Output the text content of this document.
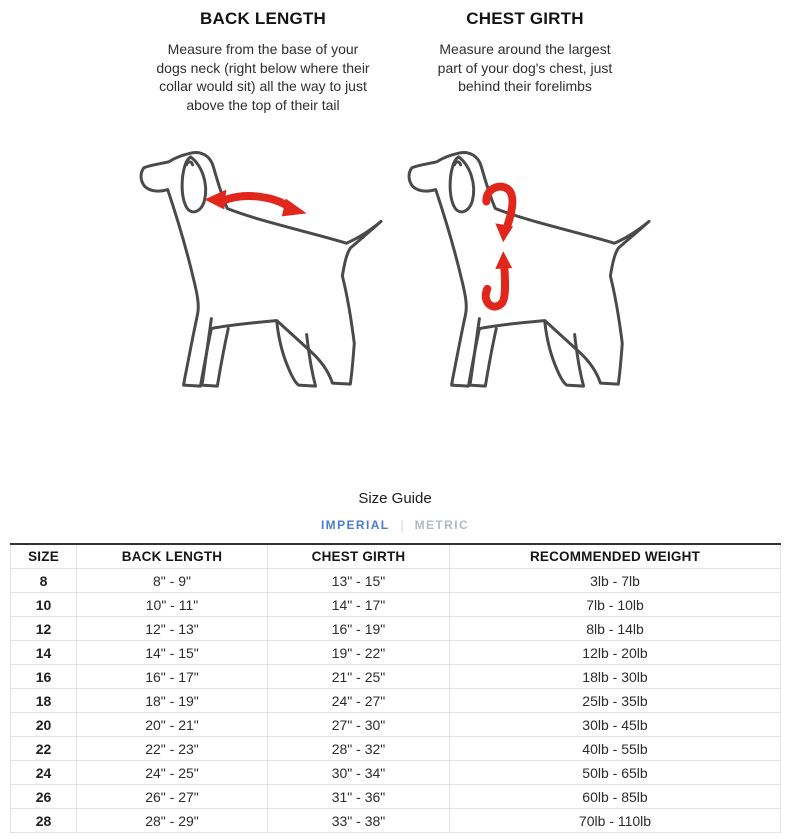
BACK LENGTH

Measure from the base of your dogs neck (right below where their collar would sit) all the way to just above the top of their tail

CHEST GIRTH

Measure around the largest part of your dog's chest, just behind their forelimbs

Size Guide
IMPERIAL | METRIC
SIZE	BACK LENGTH	CHEST GIRTH	RECOMMENDED WEIGHT
8	8" - 9"	13" - 15"	3lb - 7lb
10	10" - 11"	14" - 17"	7lb - 10lb
12	12" - 13"	16" - 19"	8lb - 14lb
14	14" - 15"	19" - 22"	12lb - 20lb
16	16" - 17"	21" - 25"	18lb - 30lb
18	18" - 19"	24" - 27"	25lb - 35lb
20	20" - 21"	27" - 30"	30lb - 45lb
22	22" - 23"	28" - 32"	40lb - 55lb
24	24" - 25"	30" - 34"	50lb - 65lb
26	26" - 27"	31" - 36"	60lb - 85lb
28	28" - 29"	33" - 38"	70lb - 110lb
